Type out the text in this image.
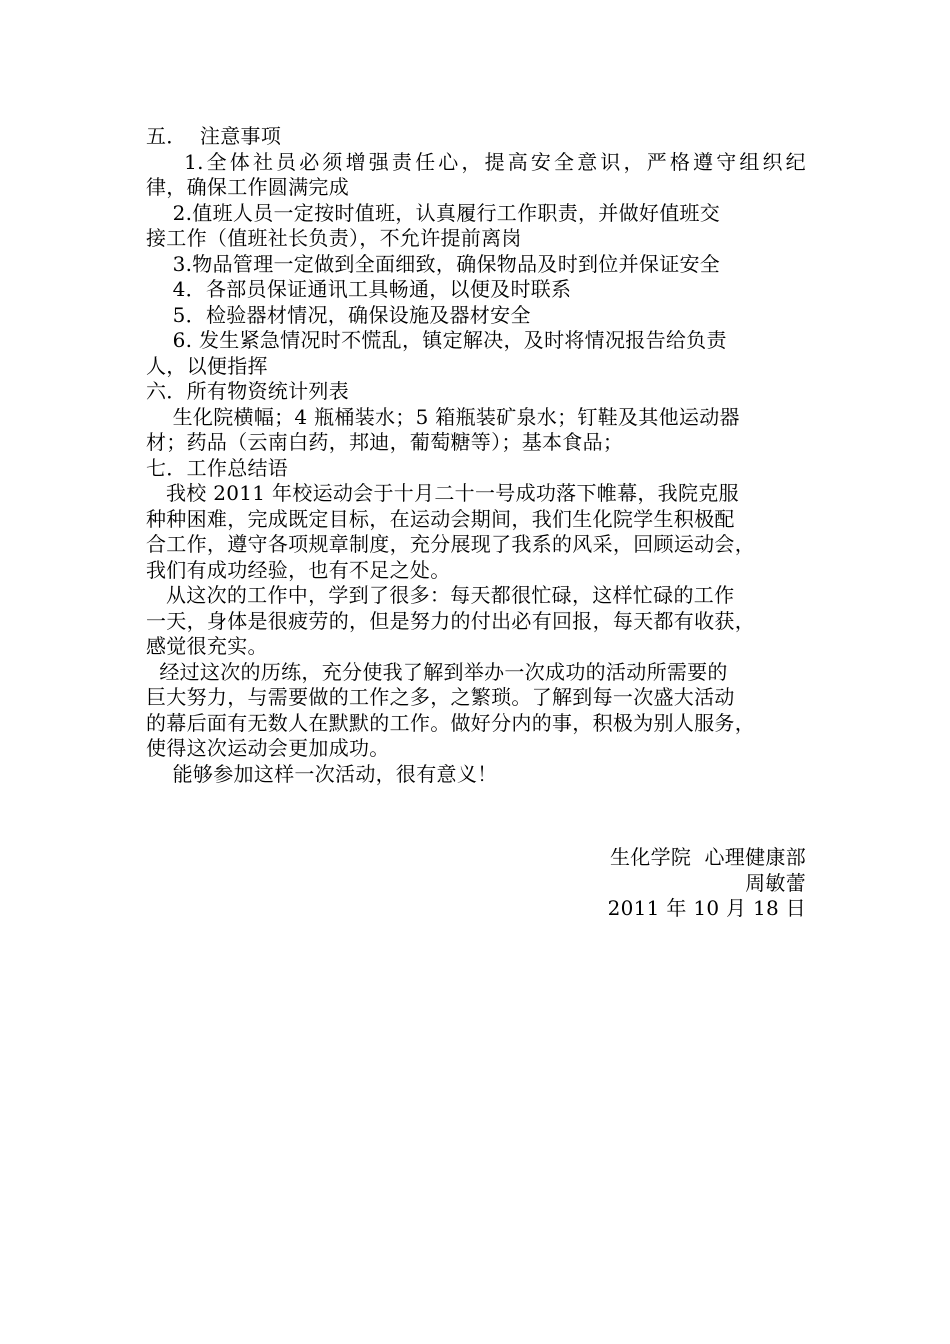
五．  注意事项
1.全体社员必须增强责任心，提高安全意识，严格遵守组织纪
律，确保工作圆满完成
2.值班人员一定按时值班，认真履行工作职责，并做好值班交
接工作（值班社长负责），不允许提前离岗
3.物品管理一定做到全面细致，确保物品及时到位并保证安全
4．各部员保证通讯工具畅通，以便及时联系
5．检验器材情况，确保设施及器材安全
6. 发生紧急情况时不慌乱，镇定解决，及时将情况报告给负责
人，以便指挥
六．所有物资统计列表
生化院横幅；4 瓶桶装水；5 箱瓶装矿泉水；钉鞋及其他运动器
材；药品（云南白药，邦迪，葡萄糖等）；基本食品；
七．工作总结语
我校 2011 年校运动会于十月二十一号成功落下帷幕，我院克服
种种困难，完成既定目标，在运动会期间，我们生化院学生积极配
合工作，遵守各项规章制度，充分展现了我系的风采，回顾运动会，
我们有成功经验，也有不足之处。
从这次的工作中，学到了很多：每天都很忙碌，这样忙碌的工作
一天，身体是很疲劳的，但是努力的付出必有回报，每天都有收获，
感觉很充实。
经过这次的历练，充分使我了解到举办一次成功的活动所需要的
巨大努力，与需要做的工作之多，之繁琐。了解到每一次盛大活动
的幕后面有无数人在默默的工作。做好分内的事，积极为别人服务，
使得这次运动会更加成功。
能够参加这样一次活动，很有意义！
生化学院  心理健康部
周敏蕾
2011 年 10 月 18 日
